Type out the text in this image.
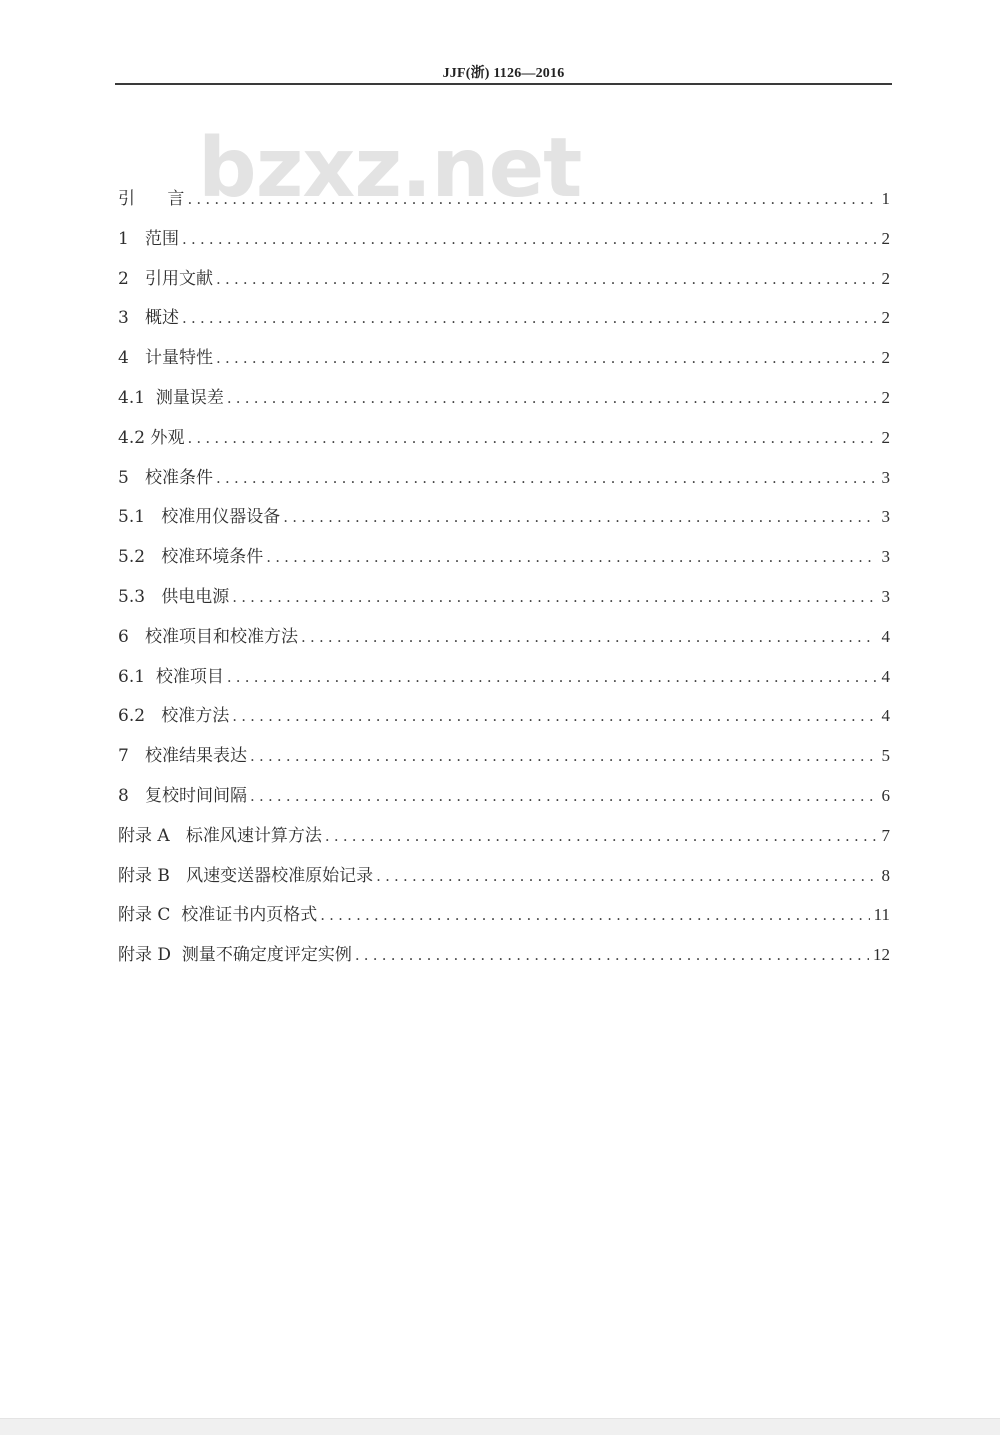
JJF(浙) 1126—2016
bzxz.net
引      言 .....	1
1   范围 .....	2
2   引用文献 .....	2
3   概述 .....	2
4   计量特性 .....	2
4.1  测量误差 .....	2
4.2 外观 .....	2
5   校准条件 .....	3
5.1   校准用仪器设备 .....	3
5.2   校准环境条件 .....	3
5.3   供电电源 .....	3
6   校准项目和校准方法 .....	4
6.1  校准项目 .....	4
6.2   校准方法 .....	4
7   校准结果表达 .....	5
8   复校时间间隔 .....	6
附录 A   标准风速计算方法 .....	7
附录 B   风速变送器校准原始记录 .....	8
附录 C  校准证书内页格式 .....	11
附录 D  测量不确定度评定实例 .....	12
